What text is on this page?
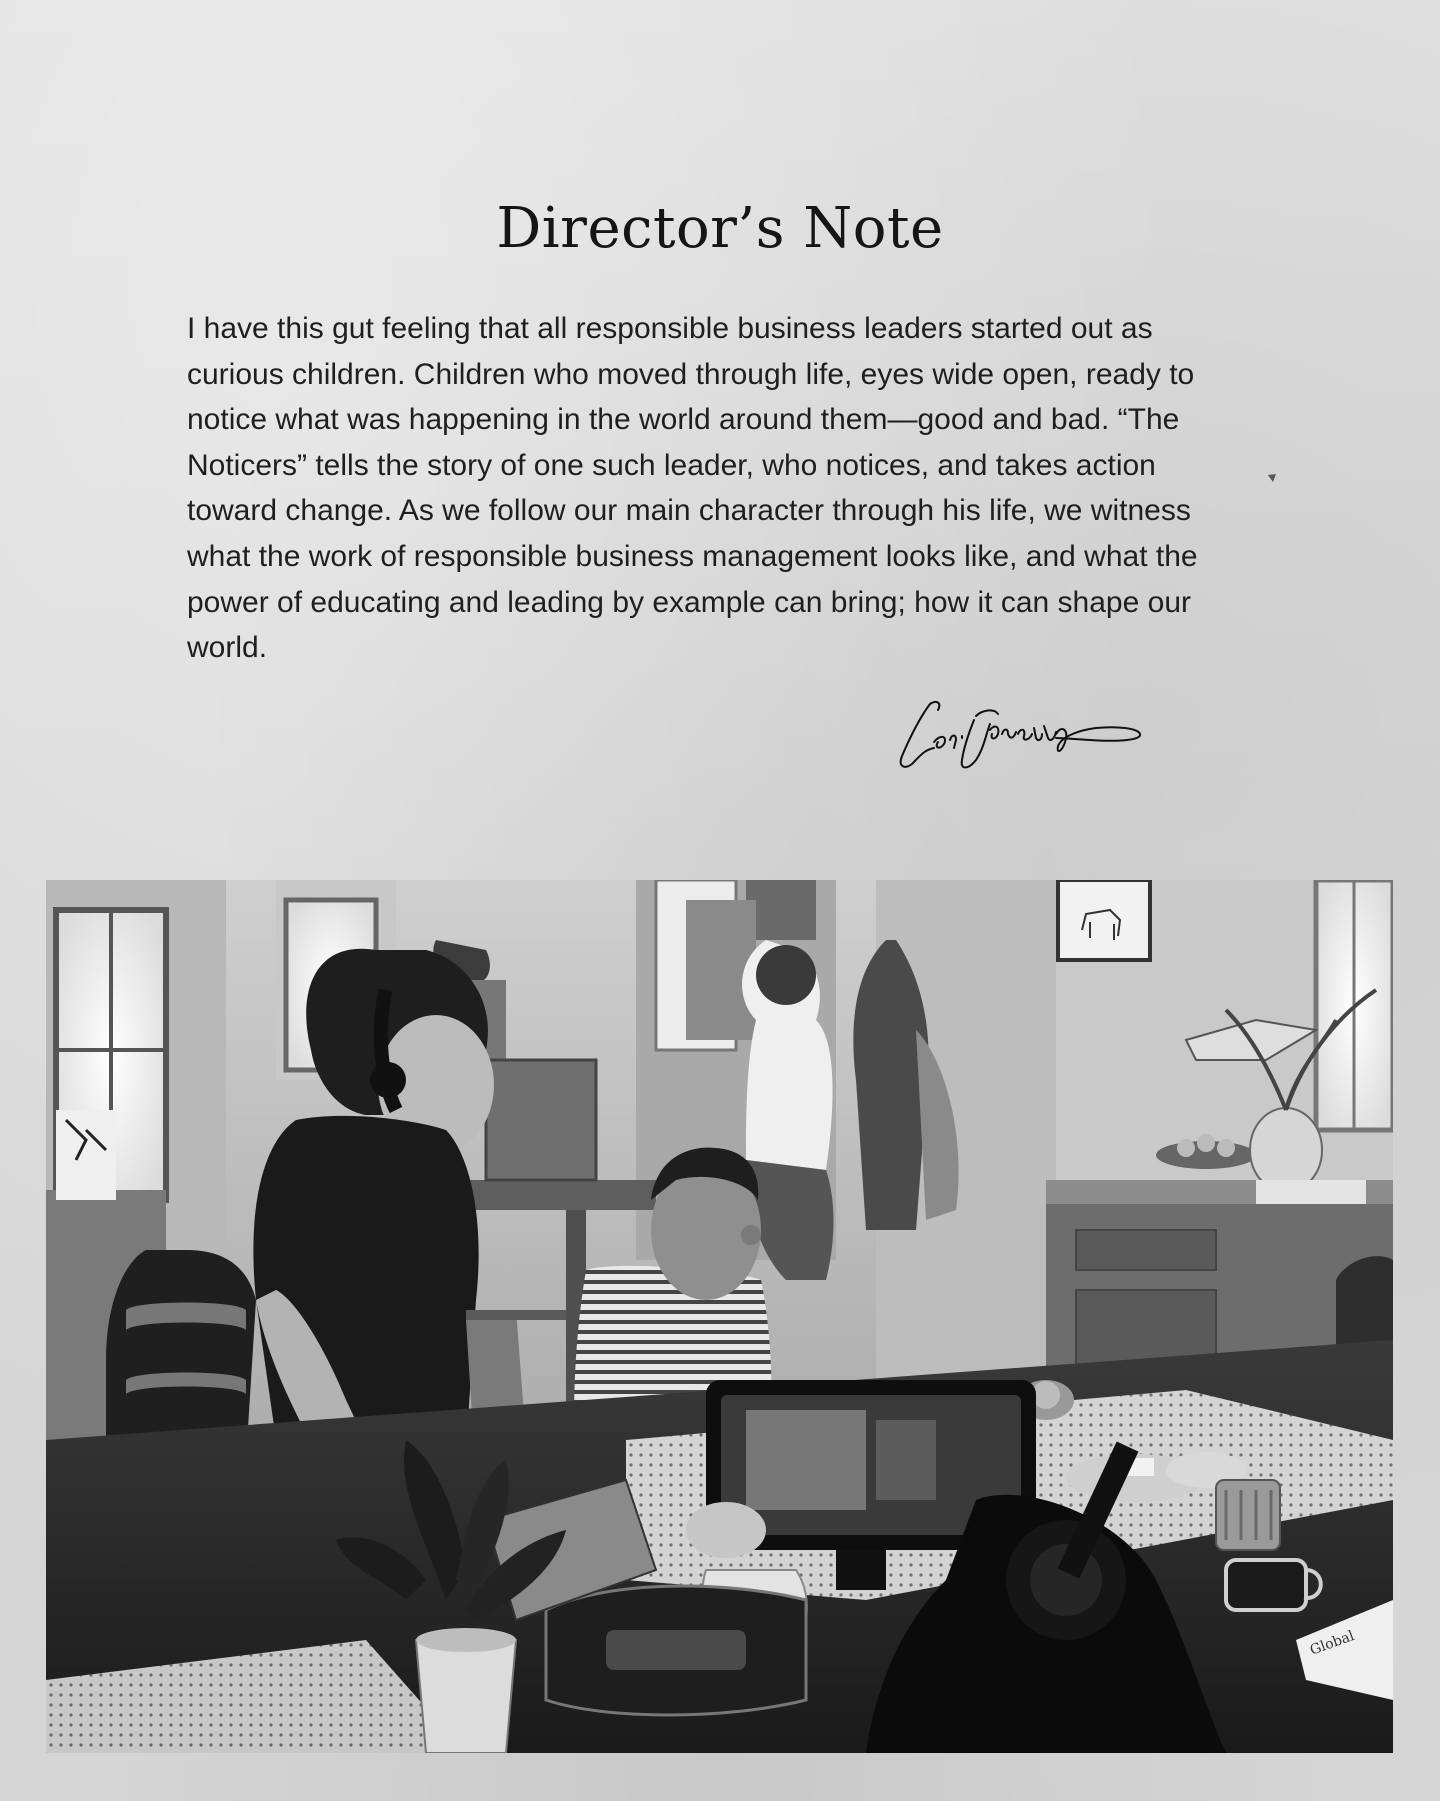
Director’s Note

I have this gut feeling that all responsible business leaders started out as curious children. Children who moved through life, eyes wide open, ready to notice what was happening in the world around them—good and bad. “The Noticers” tells the story of one such leader, who notices, and takes action toward change. As we follow our main character through his life, we witness what the work of responsible business management looks like, and what the power of educating and leading by example can bring; how it can shape our world.

Global
